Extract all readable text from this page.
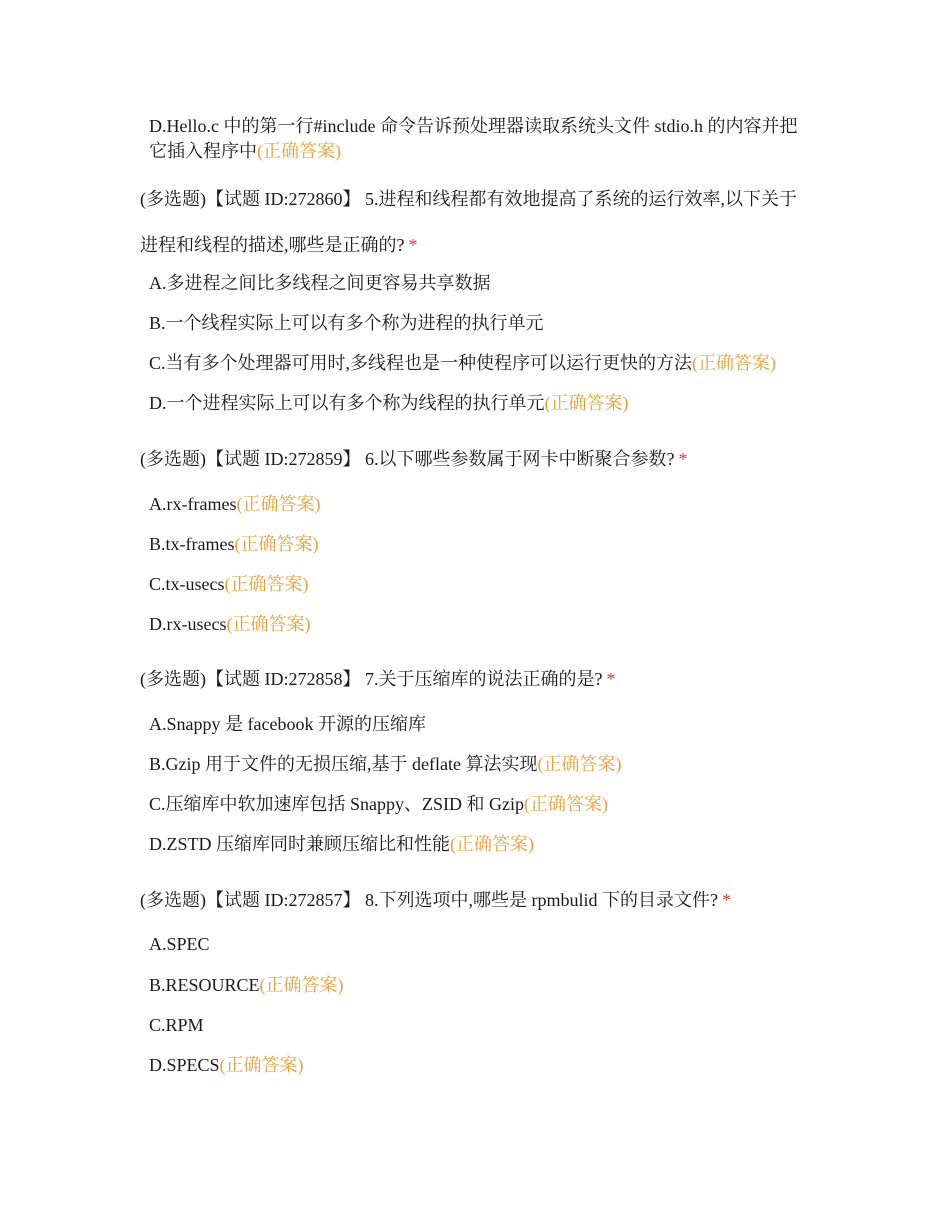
D.Hello.c 中的第一行#include 命令告诉预处理器读取系统头文件 stdio.h 的内容并把它插入程序中(正确答案)
(多选题)【试题 ID:272860】 5.进程和线程都有效地提高了系统的运行效率,以下关于进程和线程的描述,哪些是正确的? *
A.多进程之间比多线程之间更容易共享数据
B.一个线程实际上可以有多个称为进程的执行单元
C.当有多个处理器可用时,多线程也是一种使程序可以运行更快的方法(正确答案)
D.一个进程实际上可以有多个称为线程的执行单元(正确答案)
(多选题)【试题 ID:272859】 6.以下哪些参数属于网卡中断聚合参数? *
A.rx-frames(正确答案)
B.tx-frames(正确答案)
C.tx-usecs(正确答案)
D.rx-usecs(正确答案)
(多选题)【试题 ID:272858】 7.关于压缩库的说法正确的是? *
A.Snappy 是 facebook 开源的压缩库
B.Gzip 用于文件的无损压缩,基于 deflate 算法实现(正确答案)
C.压缩库中软加速库包括 Snappy、ZSID 和 Gzip(正确答案)
D.ZSTD 压缩库同时兼顾压缩比和性能(正确答案)
(多选题)【试题 ID:272857】 8.下列选项中,哪些是 rpmbulid 下的目录文件? *
A.SPEC
B.RESOURCE(正确答案)
C.RPM
D.SPECS(正确答案)
